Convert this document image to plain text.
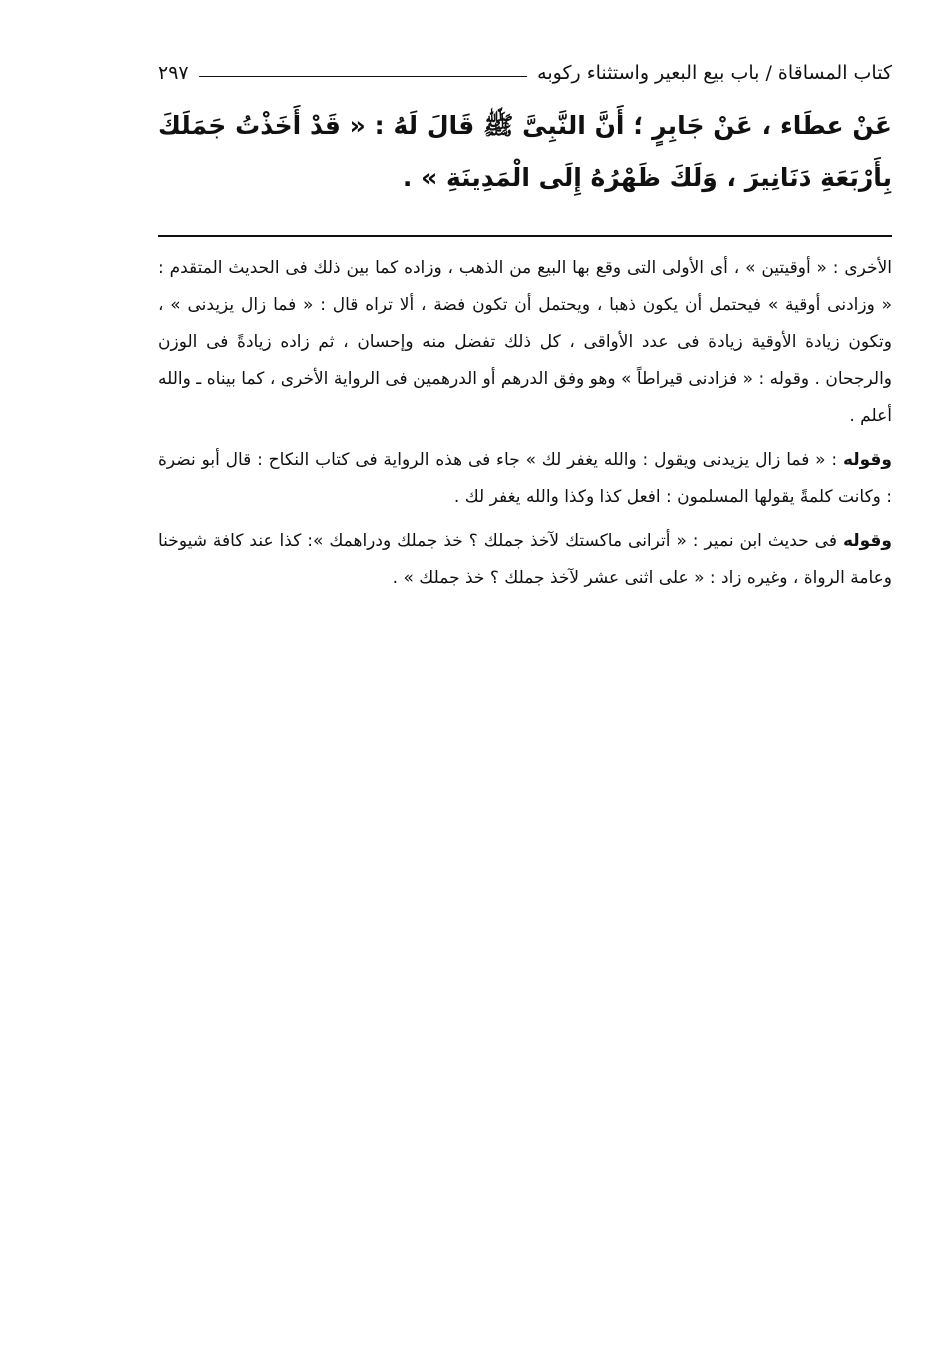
كتاب المساقاة / باب بيع البعير واستثناء ركوبه
٢٩٧
عَنْ عطَاء ، عَنْ جَابِرٍ ؛ أَنَّ النَّبِىَّ ﷺ قَالَ لَهُ : « قَدْ أَخَذْتُ جَمَلَكَ بِأَرْبَعَةِ دَنَانِيرَ ، وَلَكَ ظَهْرُهُ إِلَى الْمَدِينَةِ » .

الأخرى : « أوقيتين » ، أى الأولى التى وقع بها البيع من الذهب ، وزاده كما بين ذلك فى الحديث المتقدم : « وزادنى أوقية » فيحتمل أن يكون ذهبا ، ويحتمل أن تكون فضة ، ألا تراه قال : « فما زال يزيدنى » ، وتكون زيادة الأوقية زيادة فى عدد الأواقى ، كل ذلك تفضل منه وإحسان ، ثم زاده زيادةً فى الوزن والرجحان . وقوله : « فزادنى قيراطاً » وهو وفق الدرهم أو الدرهمين فى الرواية الأخرى ، كما بيناه ـ والله أعلم .

وقوله : « فما زال يزيدنى ويقول : والله يغفر لك » جاء فى هذه الرواية فى كتاب النكاح : قال أبو نضرة : وكانت كلمةً يقولها المسلمون : افعل كذا وكذا والله يغفر لك .

وقوله فى حديث ابن نمير : « أترانى ماكستك لآخذ جملك ؟ خذ جملك ودراهمك »: كذا عند كافة شيوخنا وعامة الرواة ، وغيره زاد : « على اثنى عشر لآخذ جملك ؟ خذ جملك » .
